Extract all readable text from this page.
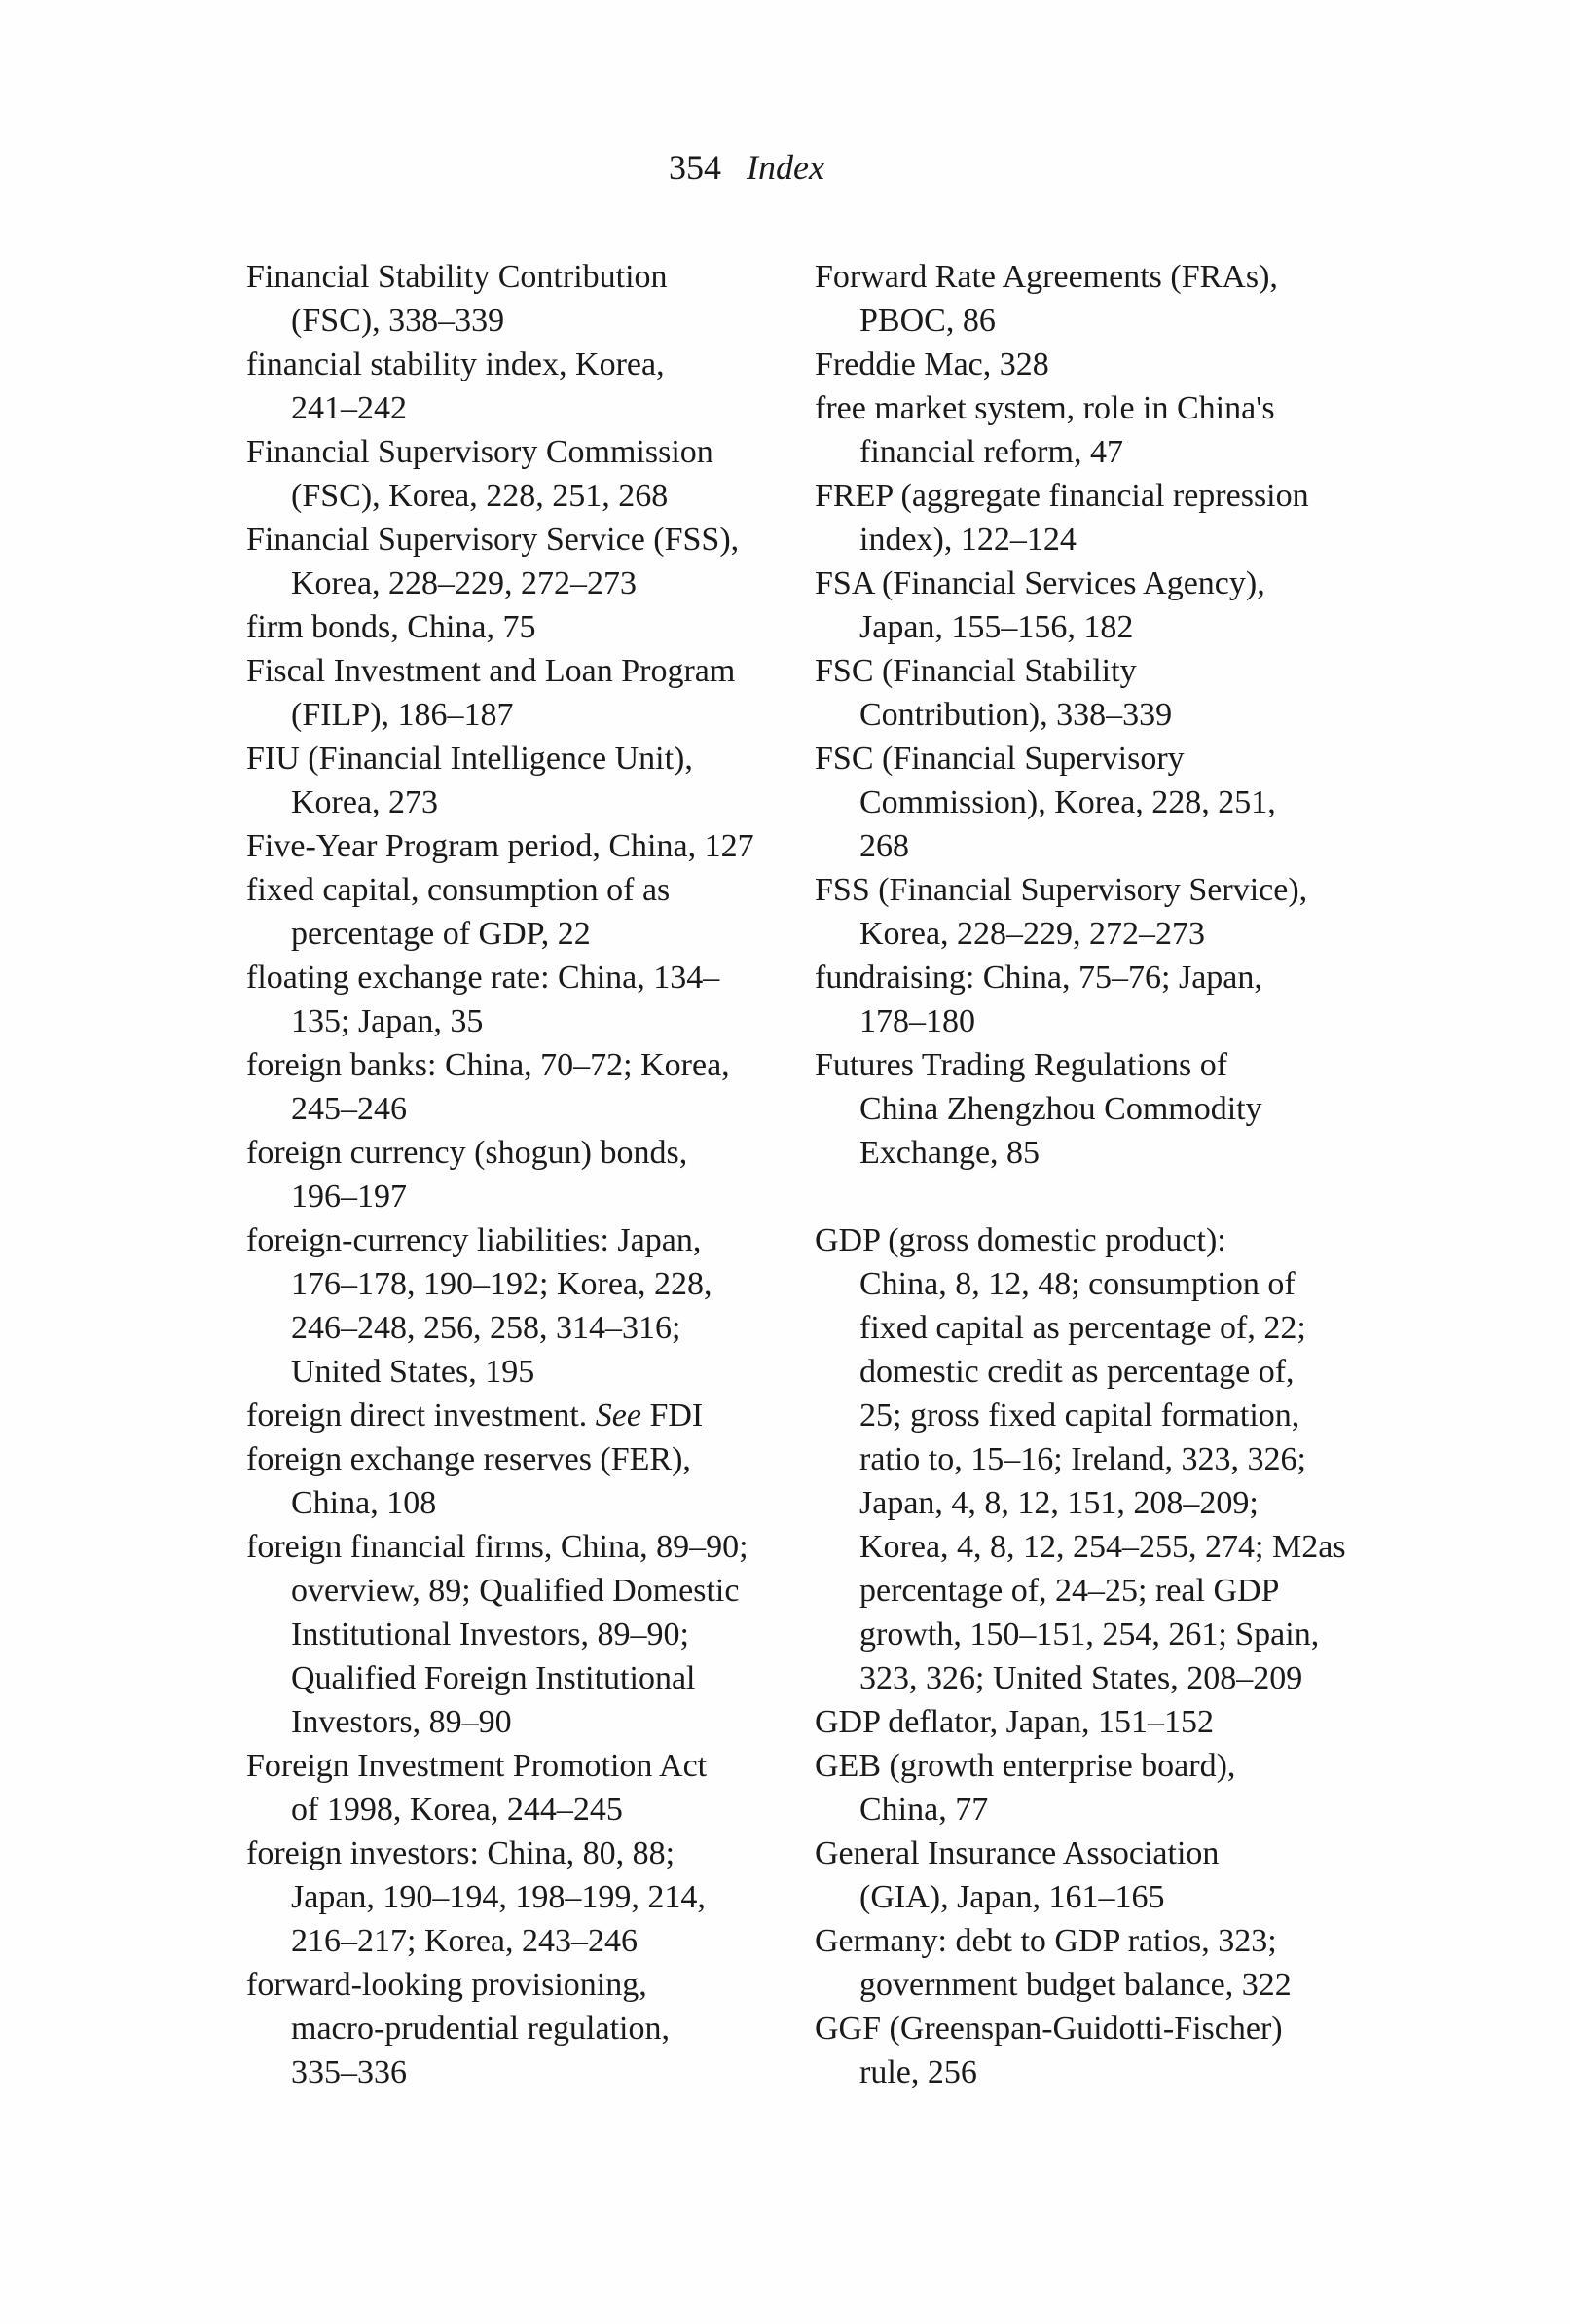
354 Index
Financial Stability Contribution
(FSC), 338–339
financial stability index, Korea,
241–242
Financial Supervisory Commission
(FSC), Korea, 228, 251, 268
Financial Supervisory Service (FSS),
Korea, 228–229, 272–273
firm bonds, China, 75
Fiscal Investment and Loan Program
(FILP), 186–187
FIU (Financial Intelligence Unit),
Korea, 273
Five-Year Program period, China, 127
fixed capital, consumption of as
percentage of GDP, 22
floating exchange rate: China, 134–
135; Japan, 35
foreign banks: China, 70–72; Korea,
245–246
foreign currency (shogun) bonds,
196–197
foreign-currency liabilities: Japan,
176–178, 190–192; Korea, 228,
246–248, 256, 258, 314–316;
United States, 195
foreign direct investment. See FDI
foreign exchange reserves (FER),
China, 108
foreign financial firms, China, 89–90;
overview, 89; Qualified Domestic
Institutional Investors, 89–90;
Qualified Foreign Institutional
Investors, 89–90
Foreign Investment Promotion Act
of 1998, Korea, 244–245
foreign investors: China, 80, 88;
Japan, 190–194, 198–199, 214,
216–217; Korea, 243–246
forward-looking provisioning,
macro-prudential regulation,
335–336
Forward Rate Agreements (FRAs),
PBOC, 86
Freddie Mac, 328
free market system, role in China's
financial reform, 47
FREP (aggregate financial repression
index), 122–124
FSA (Financial Services Agency),
Japan, 155–156, 182
FSC (Financial Stability
Contribution), 338–339
FSC (Financial Supervisory
Commission), Korea, 228, 251,
268
FSS (Financial Supervisory Service),
Korea, 228–229, 272–273
fundraising: China, 75–76; Japan,
178–180
Futures Trading Regulations of
China Zhengzhou Commodity
Exchange, 85
GDP (gross domestic product):
China, 8, 12, 48; consumption of
fixed capital as percentage of, 22;
domestic credit as percentage of,
25; gross fixed capital formation,
ratio to, 15–16; Ireland, 323, 326;
Japan, 4, 8, 12, 151, 208–209;
Korea, 4, 8, 12, 254–255, 274; M2as
percentage of, 24–25; real GDP
growth, 150–151, 254, 261; Spain,
323, 326; United States, 208–209
GDP deflator, Japan, 151–152
GEB (growth enterprise board),
China, 77
General Insurance Association
(GIA), Japan, 161–165
Germany: debt to GDP ratios, 323;
government budget balance, 322
GGF (Greenspan-Guidotti-Fischer)
rule, 256
